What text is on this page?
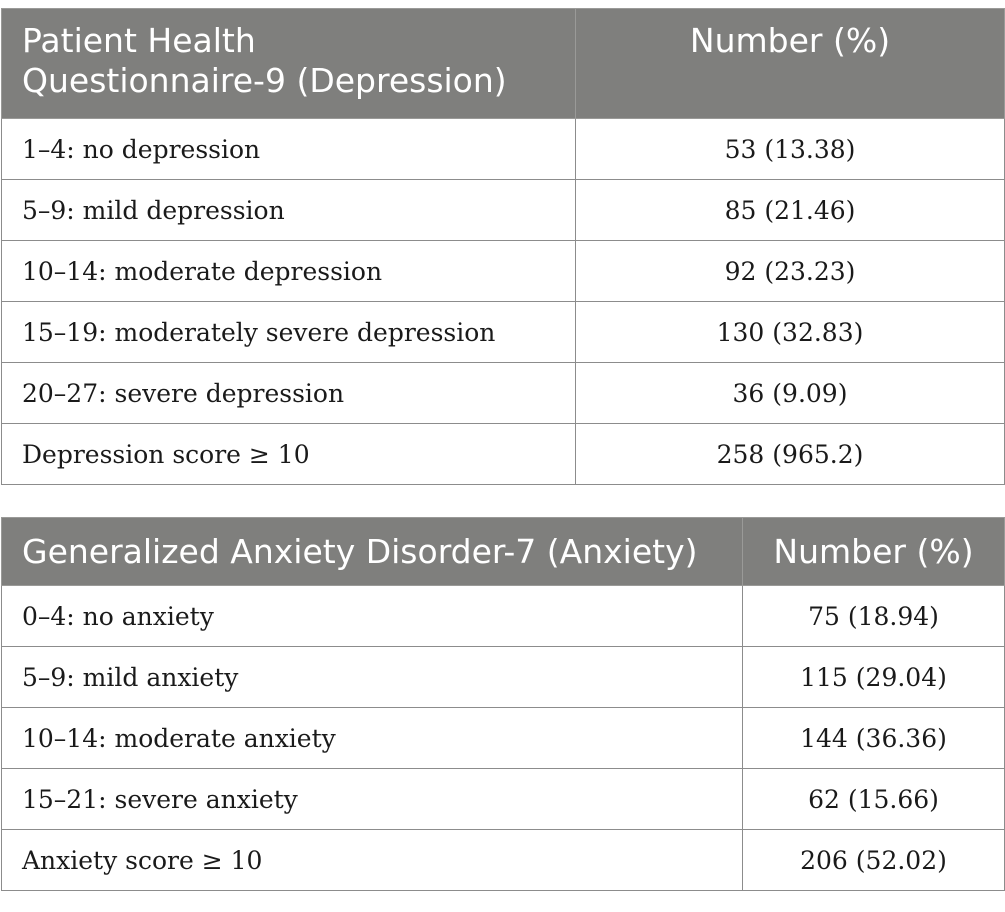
Patient Health
Questionnaire-9 (Depression)	Number (%)
1–4: no depression	53 (13.38)
5–9: mild depression	85 (21.46)
10–14: moderate depression	92 (23.23)
15–19: moderately severe depression	130 (32.83)
20–27: severe depression	36 (9.09)
Depression score ≥ 10	258 (965.2)
Generalized Anxiety Disorder-7 (Anxiety)	Number (%)
0–4: no anxiety	75 (18.94)
5–9: mild anxiety	115 (29.04)
10–14: moderate anxiety	144 (36.36)
15–21: severe anxiety	62 (15.66)
Anxiety score ≥ 10	206 (52.02)
